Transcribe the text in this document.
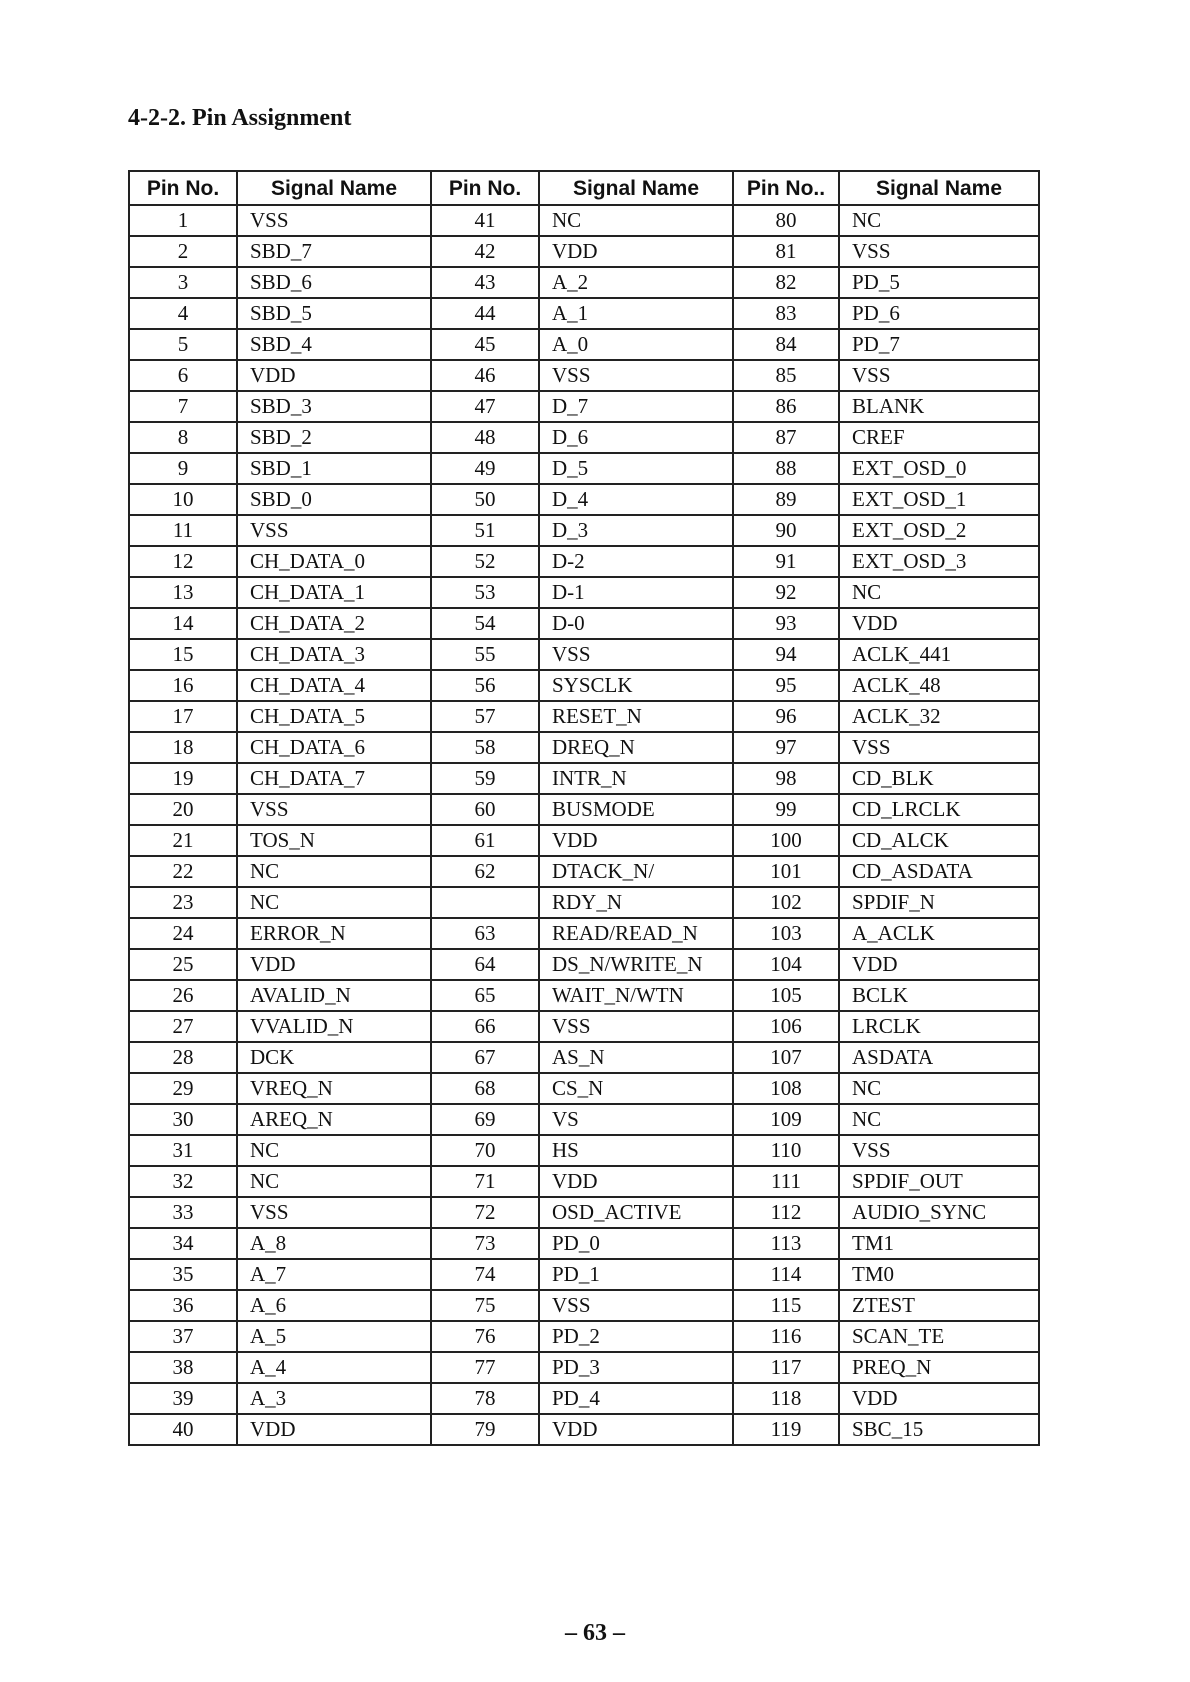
4-2-2. Pin Assignment
Pin No.	Signal Name	Pin No.	Signal Name	Pin No..	Signal Name
1	VSS	41	NC	80	NC
2	SBD_7	42	VDD	81	VSS
3	SBD_6	43	A_2	82	PD_5
4	SBD_5	44	A_1	83	PD_6
5	SBD_4	45	A_0	84	PD_7
6	VDD	46	VSS	85	VSS
7	SBD_3	47	D_7	86	BLANK
8	SBD_2	48	D_6	87	CREF
9	SBD_1	49	D_5	88	EXT_OSD_0
10	SBD_0	50	D_4	89	EXT_OSD_1
11	VSS	51	D_3	90	EXT_OSD_2
12	CH_DATA_0	52	D-2	91	EXT_OSD_3
13	CH_DATA_1	53	D-1	92	NC
14	CH_DATA_2	54	D-0	93	VDD
15	CH_DATA_3	55	VSS	94	ACLK_441
16	CH_DATA_4	56	SYSCLK	95	ACLK_48
17	CH_DATA_5	57	RESET_N	96	ACLK_32
18	CH_DATA_6	58	DREQ_N	97	VSS
19	CH_DATA_7	59	INTR_N	98	CD_BLK
20	VSS	60	BUSMODE	99	CD_LRCLK
21	TOS_N	61	VDD	100	CD_ALCK
22	NC	62	DTACK_N/	101	CD_ASDATA
23	NC		RDY_N	102	SPDIF_N
24	ERROR_N	63	READ/READ_N	103	A_ACLK
25	VDD	64	DS_N/WRITE_N	104	VDD
26	AVALID_N	65	WAIT_N/WTN	105	BCLK
27	VVALID_N	66	VSS	106	LRCLK
28	DCK	67	AS_N	107	ASDATA
29	VREQ_N	68	CS_N	108	NC
30	AREQ_N	69	VS	109	NC
31	NC	70	HS	110	VSS
32	NC	71	VDD	111	SPDIF_OUT
33	VSS	72	OSD_ACTIVE	112	AUDIO_SYNC
34	A_8	73	PD_0	113	TM1
35	A_7	74	PD_1	114	TM0
36	A_6	75	VSS	115	ZTEST
37	A_5	76	PD_2	116	SCAN_TE
38	A_4	77	PD_3	117	PREQ_N
39	A_3	78	PD_4	118	VDD
40	VDD	79	VDD	119	SBC_15

– 63 –
